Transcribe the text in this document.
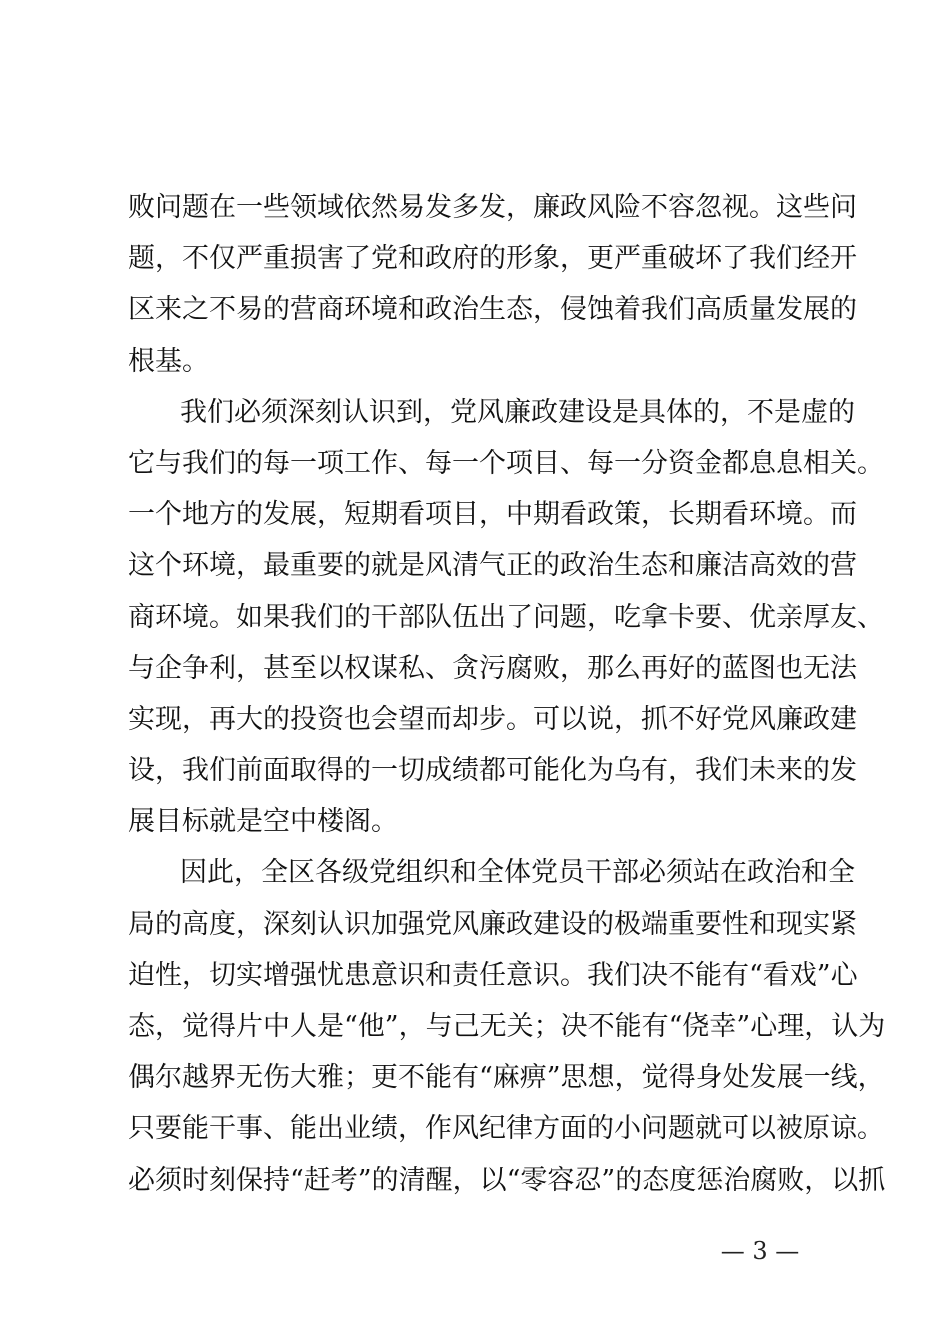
败问题在一些领域依然易发多发，廉政风险不容忽视。这些问
题，不仅严重损害了党和政府的形象，更严重破坏了我们经开
区来之不易的营商环境和政治生态，侵蚀着我们高质量发展的
根基。
我们必须深刻认识到，党风廉政建设是具体的，不是虚的
它与我们的每一项工作、每一个项目、每一分资金都息息相关。
一个地方的发展，短期看项目，中期看政策，长期看环境。而
这个环境，最重要的就是风清气正的政治生态和廉洁高效的营
商环境。如果我们的干部队伍出了问题，吃拿卡要、优亲厚友、
与企争利，甚至以权谋私、贪污腐败，那么再好的蓝图也无法
实现，再大的投资也会望而却步。可以说，抓不好党风廉政建
设，我们前面取得的一切成绩都可能化为乌有，我们未来的发
展目标就是空中楼阁。
因此，全区各级党组织和全体党员干部必须站在政治和全
局的高度，深刻认识加强党风廉政建设的极端重要性和现实紧
迫性，切实增强忧患意识和责任意识。我们决不能有“看戏”心
态，觉得片中人是“他”，与己无关；决不能有“侥幸”心理，认为
偶尔越界无伤大雅；更不能有“麻痹”思想，觉得身处发展一线，
只要能干事、能出业绩，作风纪律方面的小问题就可以被原谅。
必须时刻保持“赶考”的清醒，以“零容忍”的态度惩治腐败，以抓
— 3 —
